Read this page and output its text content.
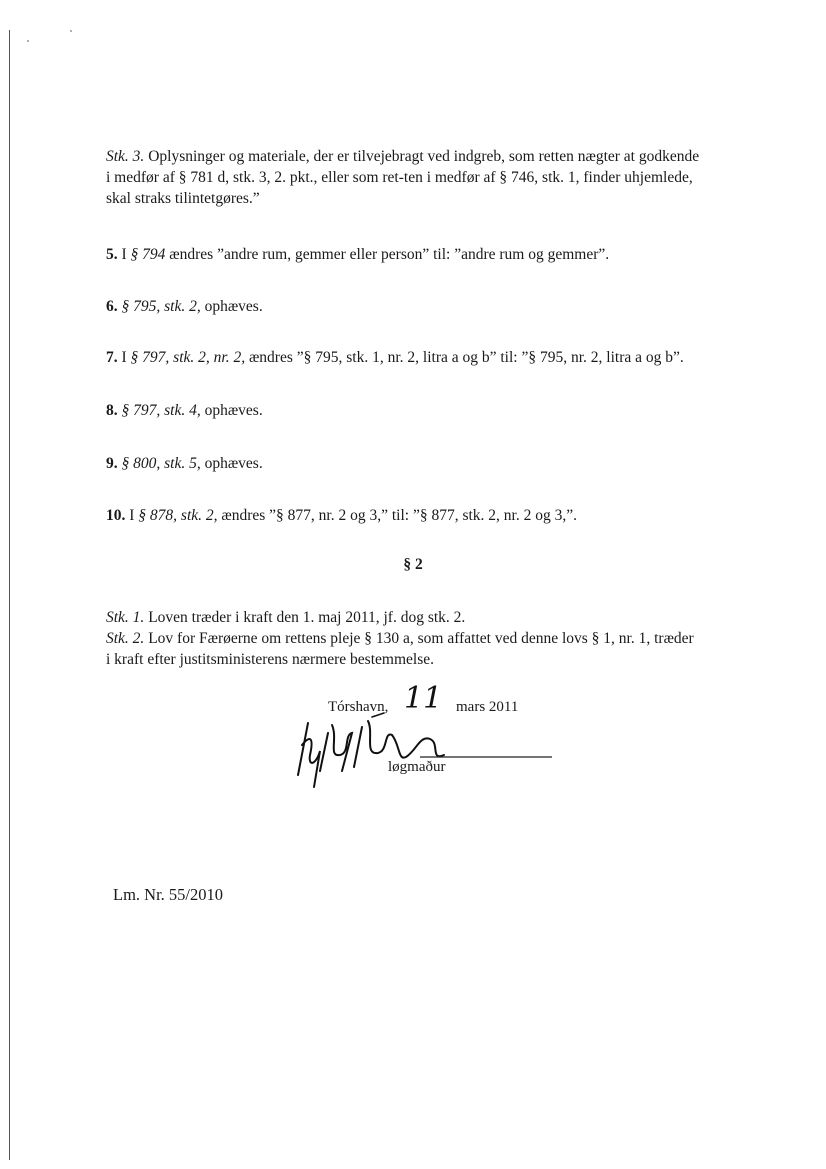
Stk. 3. Oplysninger og materiale, der er tilvejebragt ved indgreb, som retten nægter at godkende
i medfør af § 781 d, stk. 3, 2. pkt., eller som ret-ten i medfør af § 746, stk. 1, finder uhjemlede,
skal straks tilintetgøres.”
5. I § 794 ændres ”andre rum, gemmer eller person” til: ”andre rum og gemmer”.
6. § 795, stk. 2, ophæves.
7. I § 797, stk. 2, nr. 2, ændres ”§ 795, stk. 1, nr. 2, litra a og b” til: ”§ 795, nr. 2, litra a og b”.
8. § 797, stk. 4, ophæves.
9. § 800, stk. 5, ophæves.
10. I § 878, stk. 2, ændres ”§ 877, nr. 2 og 3,” til: ”§ 877, stk. 2, nr. 2 og 3,”.
§ 2
Stk. 1. Loven træder i kraft den 1. maj 2011, jf. dog stk. 2.
Stk. 2. Lov for Færøerne om rettens pleje § 130 a, som affattet ved denne lovs § 1, nr. 1, træder
i kraft efter justitsministerens nærmere bestemmelse.
Tórshavn, 11 mars 2011
løgmaður
Lm. Nr. 55/2010
